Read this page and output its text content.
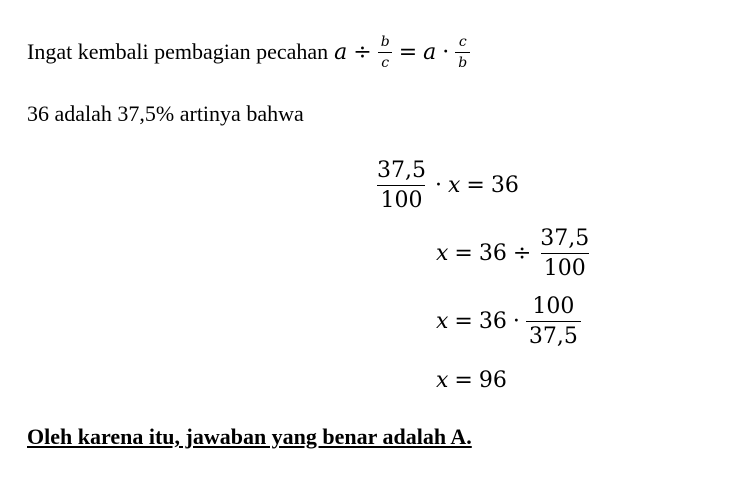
Ingat kembali pembagian pecahan $a \div \frac{b}{c} = a \cdot \frac{c}{b}$
36 adalah 37,5% artinya bahwa
$\frac{37,5}{100} \cdot x = 36$
$x = 36 \div \frac{37,5}{100}$
$x = 36 \cdot \frac{100}{37,5}$
x = 96
Oleh karena itu, jawaban yang benar adalah A.
